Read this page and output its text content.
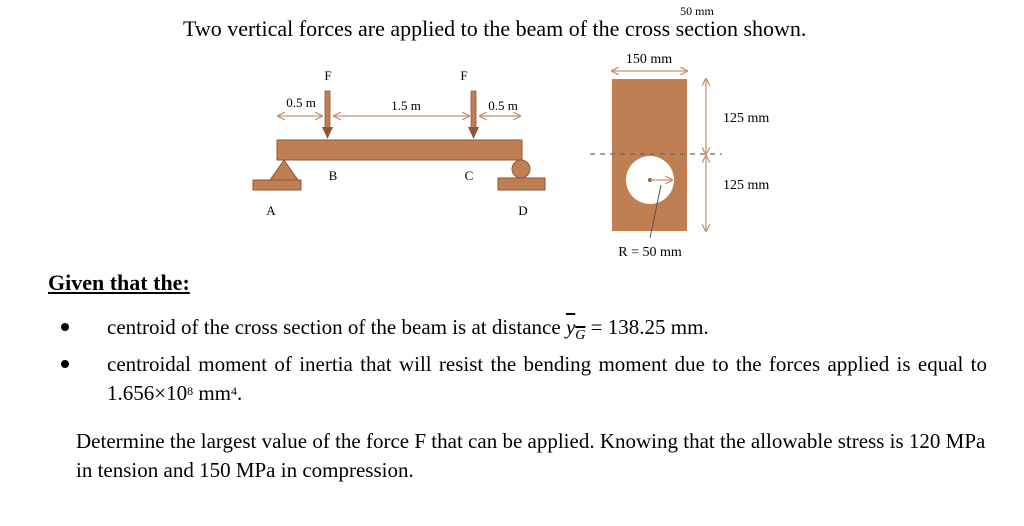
Two vertical forces are applied to the beam of the cross section shown.
F	F
0.5 m	1.5 m	0.5 m
A
B	C
D
50 mm
150 mm
125 mm
125 mm
R = 50 mm
Given that the:
centroid of the cross section of the beam is at distance $y_G = 138.25$ mm.
centroidal moment of inertia that will resist the bending moment due to the forces applied is equal to $1.656\times 10^8$ $mm^4$.
Determine the largest value of the force F that can be applied. Knowing that the allowable stress is 120 MPa in tension and 150 MPa in compression.
